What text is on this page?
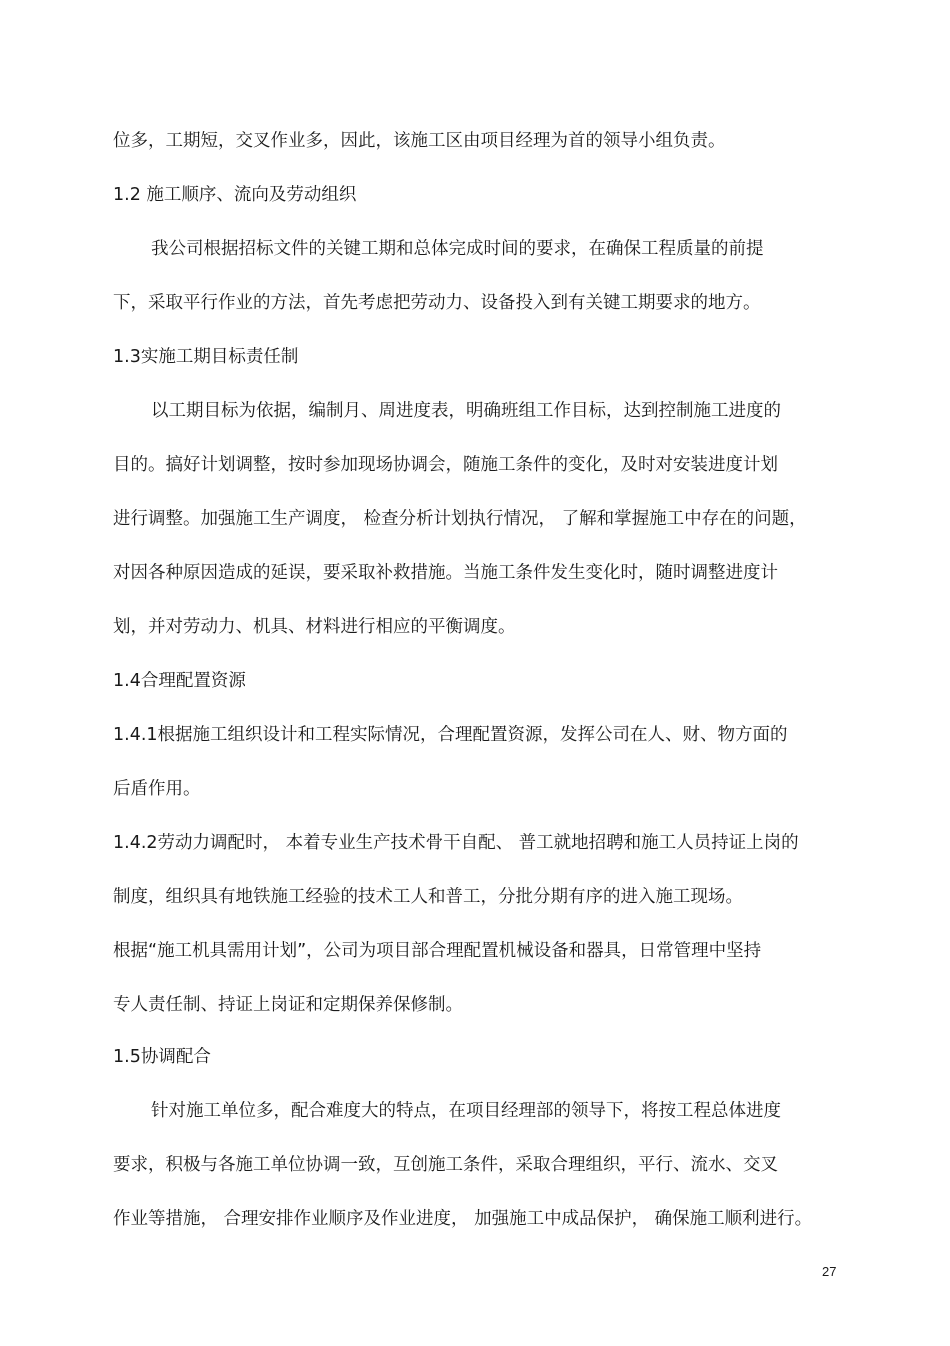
位多，工期短，交叉作业多，因此，该施工区由项目经理为首的领导小组负责。
1.2 施工顺序、流向及劳动组织
我公司根据招标文件的关键工期和总体完成时间的要求，在确保工程质量的前提
下，采取平行作业的方法，首先考虑把劳动力、设备投入到有关键工期要求的地方。
1.3实施工期目标责任制
以工期目标为依据，编制月、周进度表，明确班组工作目标，达到控制施工进度的
目的。搞好计划调整，按时参加现场协调会，随施工条件的变化，及时对安装进度计划
进行调整。加强施工生产调度， 检查分析计划执行情况， 了解和掌握施工中存在的问题，
对因各种原因造成的延误，要采取补救措施。当施工条件发生变化时，随时调整进度计
划，并对劳动力、机具、材料进行相应的平衡调度。
1.4合理配置资源
1.4.1根据施工组织设计和工程实际情况，合理配置资源，发挥公司在人、财、物方面的
后盾作用。
1.4.2劳动力调配时， 本着专业生产技术骨干自配、 普工就地招聘和施工人员持证上岗的
制度，组织具有地铁施工经验的技术工人和普工，分批分期有序的进入施工现场。
根据“施工机具需用计划”，公司为项目部合理配置机械设备和器具，日常管理中坚持
专人责任制、持证上岗证和定期保养保修制。
1.5协调配合
针对施工单位多，配合难度大的特点，在项目经理部的领导下，将按工程总体进度
要求，积极与各施工单位协调一致，互创施工条件，采取合理组织，平行、流水、交叉
作业等措施， 合理安排作业顺序及作业进度， 加强施工中成品保护， 确保施工顺利进行。
27
